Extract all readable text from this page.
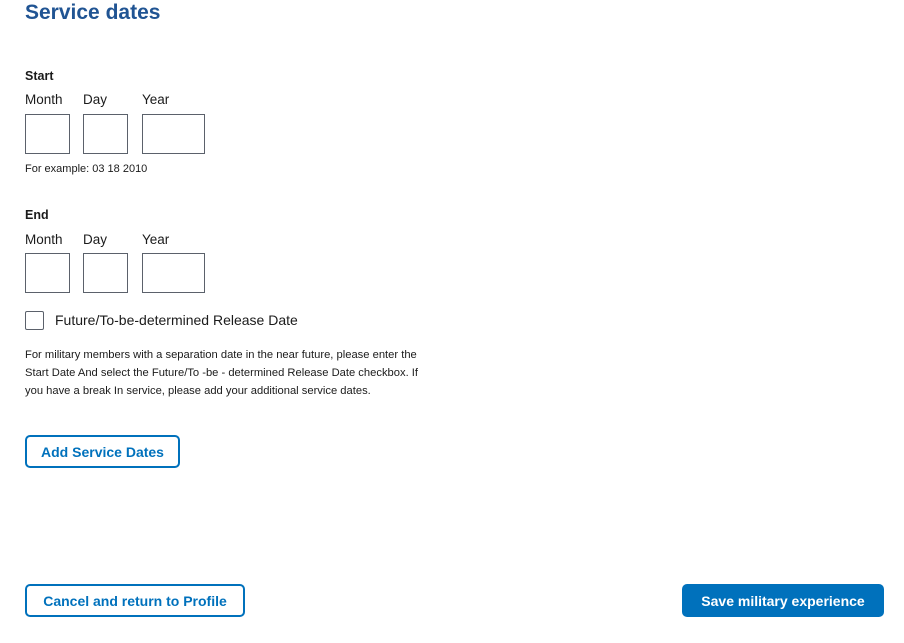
Service dates
Start
Month Day	Year
For example: 03 18 2010
End
Month Day	Year
Future/To-be-determined Release Date
For military members with a separation date in the near future, please enter the Start Date And select the Future/To -be - determined Release Date checkbox. If you have a break In service, please add your additional service dates.
Add Service Dates
Cancel and return to Profile	Save military experience
